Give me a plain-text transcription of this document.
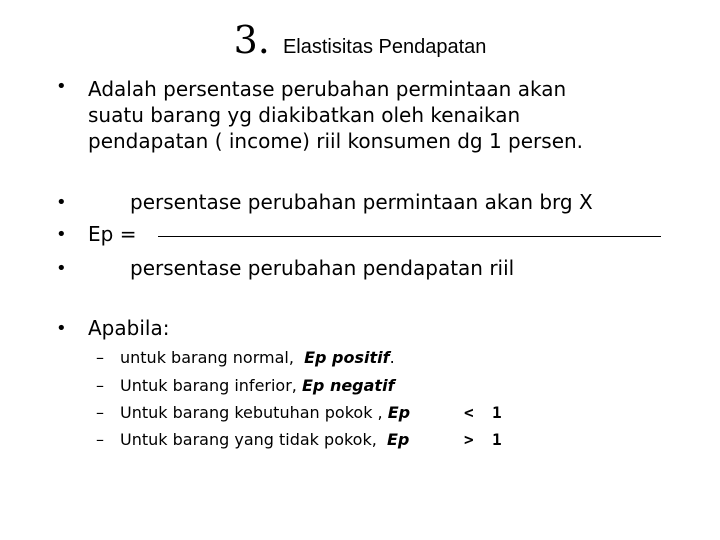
3. Elastisitas Pendapatan
• Adalah persentase perubahan permintaan akan
suatu barang yg diakibatkan oleh kenaikan
pendapatan ( income) riil konsumen dg 1 persen.
•	persentase perubahan permintaan akan brg X
• Ep =
•	persentase perubahan pendapatan riil
• Apabila:
– untuk barang normal, Ep positif.
– Untuk barang inferior, Ep negatif
– Untuk barang kebutuhan pokok , Ep	< 1
– Untuk barang yang tidak pokok, Ep	> 1
